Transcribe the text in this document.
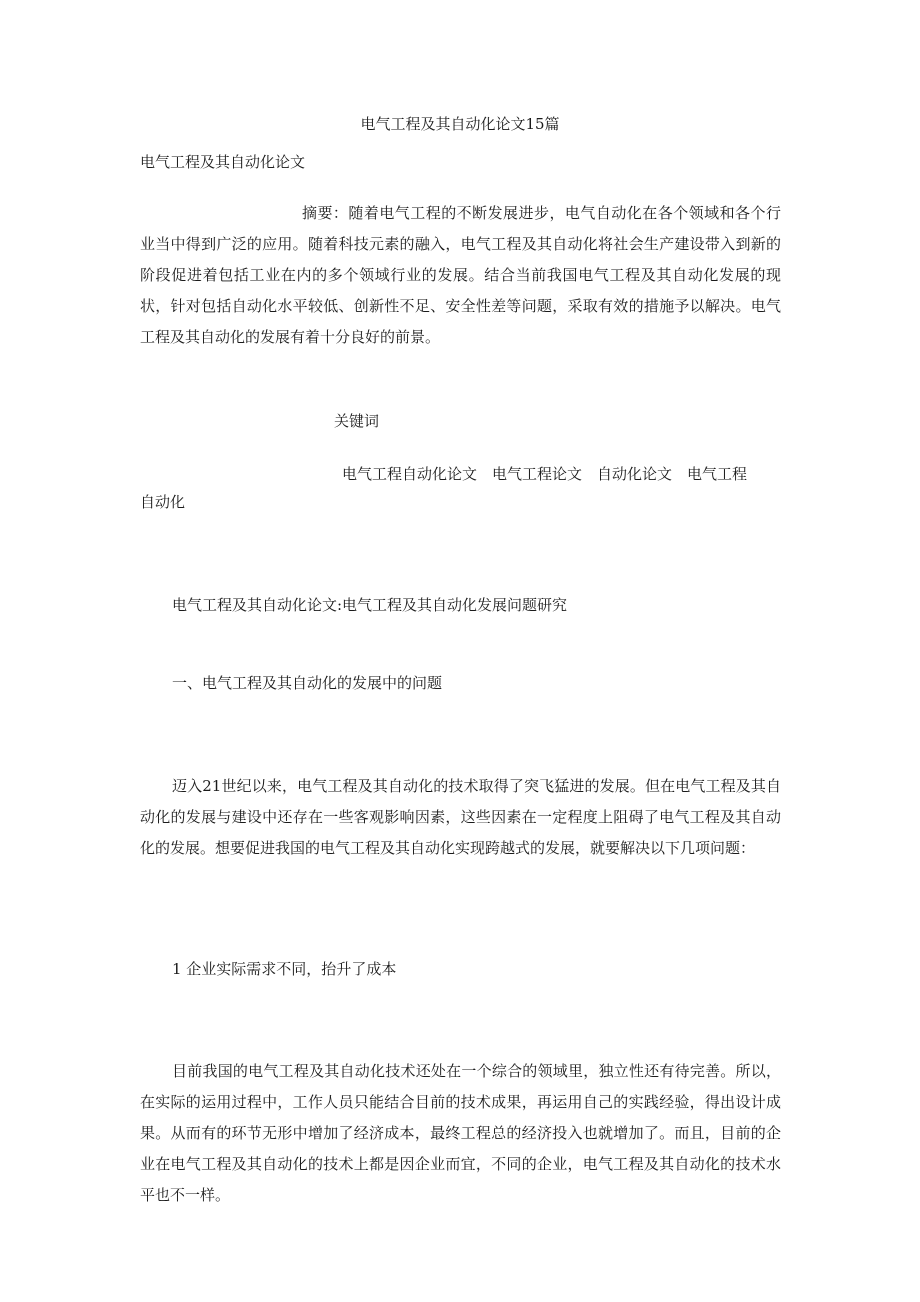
电气工程及其自动化论文15篇
电气工程及其自动化论文
摘要：随着电气工程的不断发展进步，电气自动化在各个领域和各个行业当中得到广泛的应用。随着科技元素的融入，电气工程及其自动化将社会生产建设带入到新的阶段促进着包括工业在内的多个领域行业的发展。结合当前我国电气工程及其自动化发展的现状，针对包括自动化水平较低、创新性不足、安全性差等问题，采取有效的措施予以解决。电气工程及其自动化的发展有着十分良好的前景。
关键词
电气工程自动化论文　电气工程论文　自动化论文　电气工程
自动化
电气工程及其自动化论文:电气工程及其自动化发展问题研究
一、电气工程及其自动化的发展中的问题
迈入21世纪以来，电气工程及其自动化的技术取得了突飞猛进的发展。但在电气工程及其自动化的发展与建设中还存在一些客观影响因素，这些因素在一定程度上阻碍了电气工程及其自动化的发展。想要促进我国的电气工程及其自动化实现跨越式的发展，就要解决以下几项问题：
1 企业实际需求不同，抬升了成本
目前我国的电气工程及其自动化技术还处在一个综合的领域里，独立性还有待完善。所以，在实际的运用过程中，工作人员只能结合目前的技术成果，再运用自己的实践经验，得出设计成果。从而有的环节无形中增加了经济成本，最终工程总的经济投入也就增加了。而且，目前的企业在电气工程及其自动化的技术上都是因企业而宜，不同的企业，电气工程及其自动化的技术水平也不一样。
